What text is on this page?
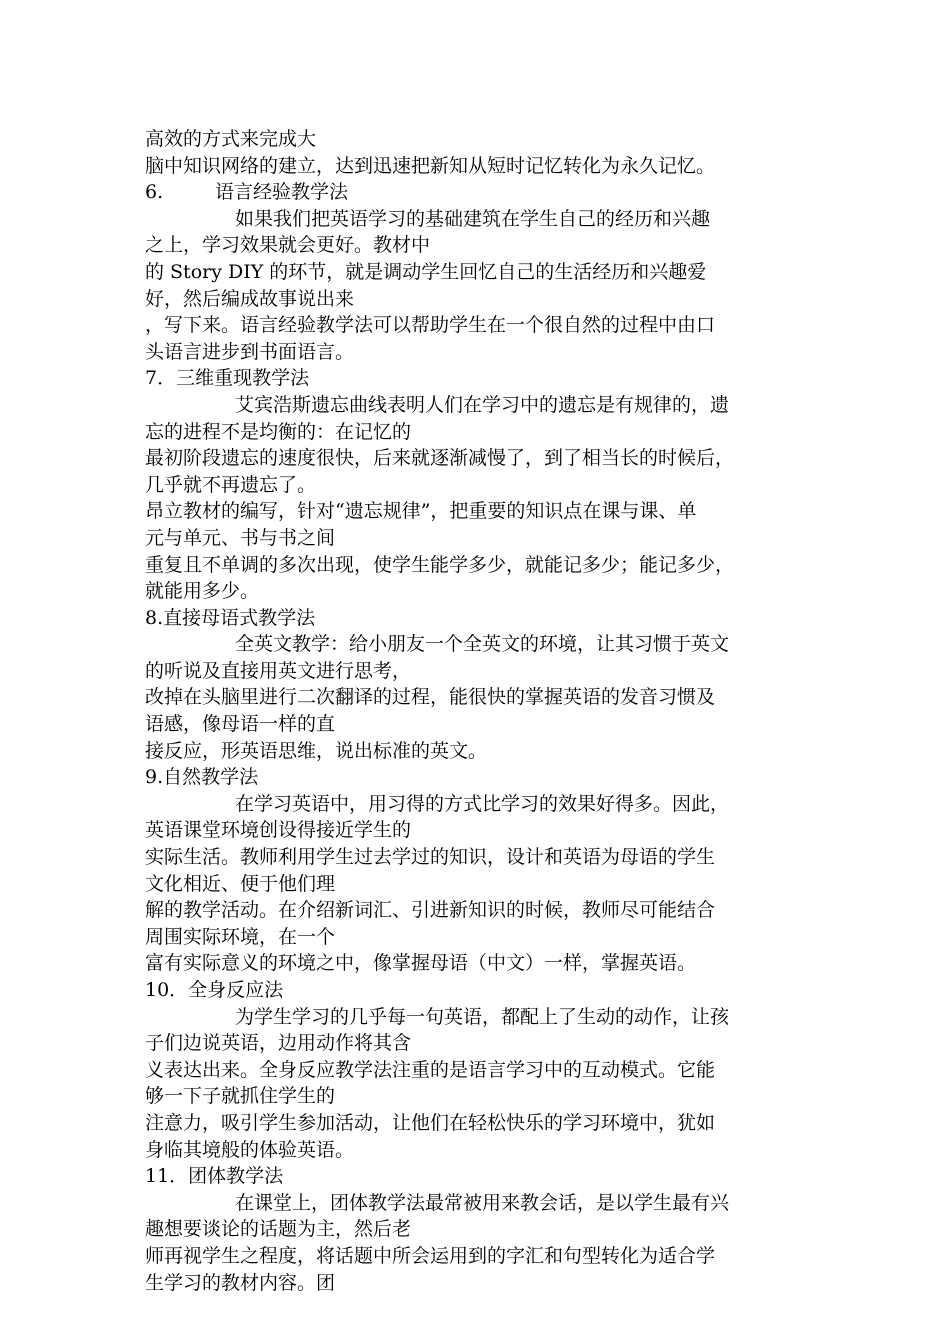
高效的方式来完成大
脑中知识网络的建立，达到迅速把新知从短时记忆转化为永久记忆。
6.	语言经验教学法
如果我们把英语学习的基础建筑在学生自己的经历和兴趣
之上，学习效果就会更好。教材中
的 Story DIY 的环节，就是调动学生回忆自己的生活经历和兴趣爱
好，然后编成故事说出来
，写下来。语言经验教学法可以帮助学生在一个很自然的过程中由口
头语言进步到书面语言。
7．三维重现教学法
艾宾浩斯遗忘曲线表明人们在学习中的遗忘是有规律的，遗
忘的进程不是均衡的：在记忆的
最初阶段遗忘的速度很快，后来就逐渐减慢了，到了相当长的时候后，
几乎就不再遗忘了。
昂立教材的编写，针对“遗忘规律”，把重要的知识点在课与课、单
元与单元、书与书之间
重复且不单调的多次出现，使学生能学多少，就能记多少；能记多少，
就能用多少。
8.直接母语式教学法
全英文教学：给小朋友一个全英文的环境，让其习惯于英文
的听说及直接用英文进行思考，
改掉在头脑里进行二次翻译的过程，能很快的掌握英语的发音习惯及
语感，像母语一样的直
接反应，形英语思维，说出标准的英文。
9.自然教学法
在学习英语中，用习得的方式比学习的效果好得多。因此，
英语课堂环境创设得接近学生的
实际生活。教师利用学生过去学过的知识，设计和英语为母语的学生
文化相近、便于他们理
解的教学活动。在介绍新词汇、引进新知识的时候，教师尽可能结合
周围实际环境，在一个
富有实际意义的环境之中，像掌握母语（中文）一样，掌握英语。
10．全身反应法
为学生学习的几乎每一句英语，都配上了生动的动作，让孩
子们边说英语，边用动作将其含
义表达出来。全身反应教学法注重的是语言学习中的互动模式。它能
够一下子就抓住学生的
注意力，吸引学生参加活动，让他们在轻松快乐的学习环境中，犹如
身临其境般的体验英语。
11．团体教学法
在课堂上，团体教学法最常被用来教会话，是以学生最有兴
趣想要谈论的话题为主，然后老
师再视学生之程度，将话题中所会运用到的字汇和句型转化为适合学
生学习的教材内容。团
